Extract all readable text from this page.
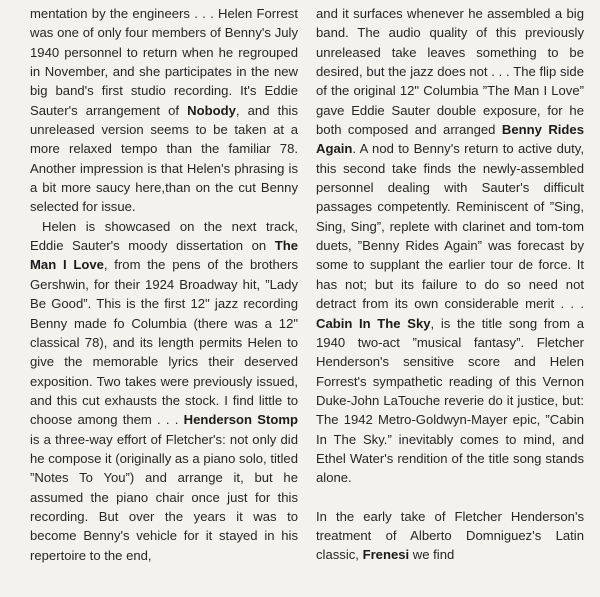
mentation by the engineers . . . Helen Forrest was one of only four members of Benny's July 1940 personnel to return when he regrouped in November, and she participates in the new big band's first studio recording. It's Eddie Sauter's arrangement of Nobody, and this unreleased version seems to be taken at a more relaxed tempo than the familiar 78. Another impression is that Helen's phrasing is a bit more saucy here,than on the cut Benny selected for issue.

Helen is showcased on the next track, Eddie Sauter's moody dissertation on The Man I Love, from the pens of the brothers Gershwin, for their 1924 Broadway hit, ”Lady Be Good”. This is the first 12" jazz recording Benny made fo Columbia (there was a 12" classical 78), and its length permits Helen to give the memorable lyrics their deserved exposition. Two takes were previously issued, and this cut exhausts the stock. I find little to choose among them . . . Henderson Stomp is a three-way effort of Fletcher's: not only did he compose it (originally as a piano solo, titled ”Notes To You”) and arrange it, but he assumed the piano chair once just for this recording. But over the years it was to become Benny's vehicle for it stayed in his repertoire to the end,

and it surfaces whenever he assembled a big band. The audio quality of this previously unreleased take leaves something to be desired, but the jazz does not . . . The flip side of the original 12" Columbia ”The Man I Love” gave Eddie Sauter double exposure, for he both composed and arranged Benny Rides Again. A nod to Benny's return to active duty, this second take finds the newly-assembled personnel dealing with Sauter's difficult passages competently. Reminiscent of ”Sing, Sing, Sing”, replete with clarinet and tom-tom duets, ”Benny Rides Again” was forecast by some to supplant the earlier tour de force. It has not; but its failure to do so need not detract from its own considerable merit . . . Cabin In The Sky, is the title song from a 1940 two-act ”musical fantasy”. Fletcher Henderson's sensitive score and Helen Forrest's sympathetic reading of this Vernon Duke-John LaTouche reverie do it justice, but: The 1942 Metro-Goldwyn-Mayer epic, ”Cabin In The Sky.” inevitably comes to mind, and Ethel Water's rendition of the title song stands alone.

In the early take of Fletcher Henderson's treatment of Alberto Domniguez's Latin classic, Frenesi we find
